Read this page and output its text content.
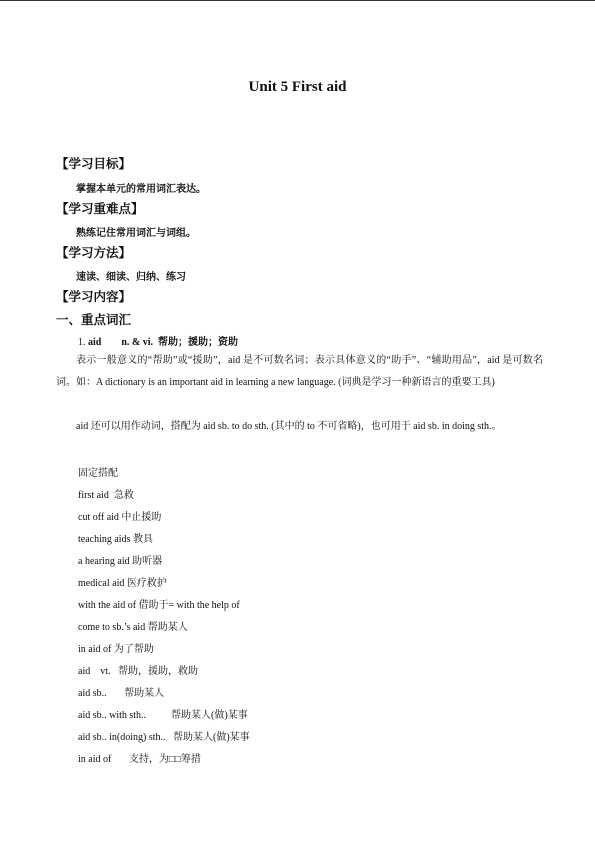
Unit 5 First aid
【学习目标】
掌握本单元的常用词汇表达。
【学习重难点】
熟练记住常用词汇与词组。
【学习方法】
速读、细读、归纳、练习
【学习内容】
一、重点词汇
1. aid n. & vi. 帮助；援助；资助
表示一般意义的“帮助”或“援助”，aid 是不可数名词；表示具体意义的“助手”、“辅助用品”，aid 是可数名词。如：A dictionary is an important aid in learning a new language. (词典是学习一种新语言的重要工具)
aid 还可以用作动词，搭配为 aid sb. to do sth. (其中的 to 不可省略)，也可用于 aid sb. in doing sth.。
固定搭配
first aid  急救
cut off aid 中止援助
teaching aids 教具
a hearing aid 助听器
medical aid 医疗救护
with the aid of 借助于= with the help of
come to sb.’s aid 帮助某人
in aid of 为了帮助
aid    vt.   帮助，援助，救助
aid sb..       帮助某人
aid sb.. with sth..          帮助某人(做)某事
aid sb.. in(doing) sth..   帮助某人(做)某事
in aid of       支持，为□□筹措
